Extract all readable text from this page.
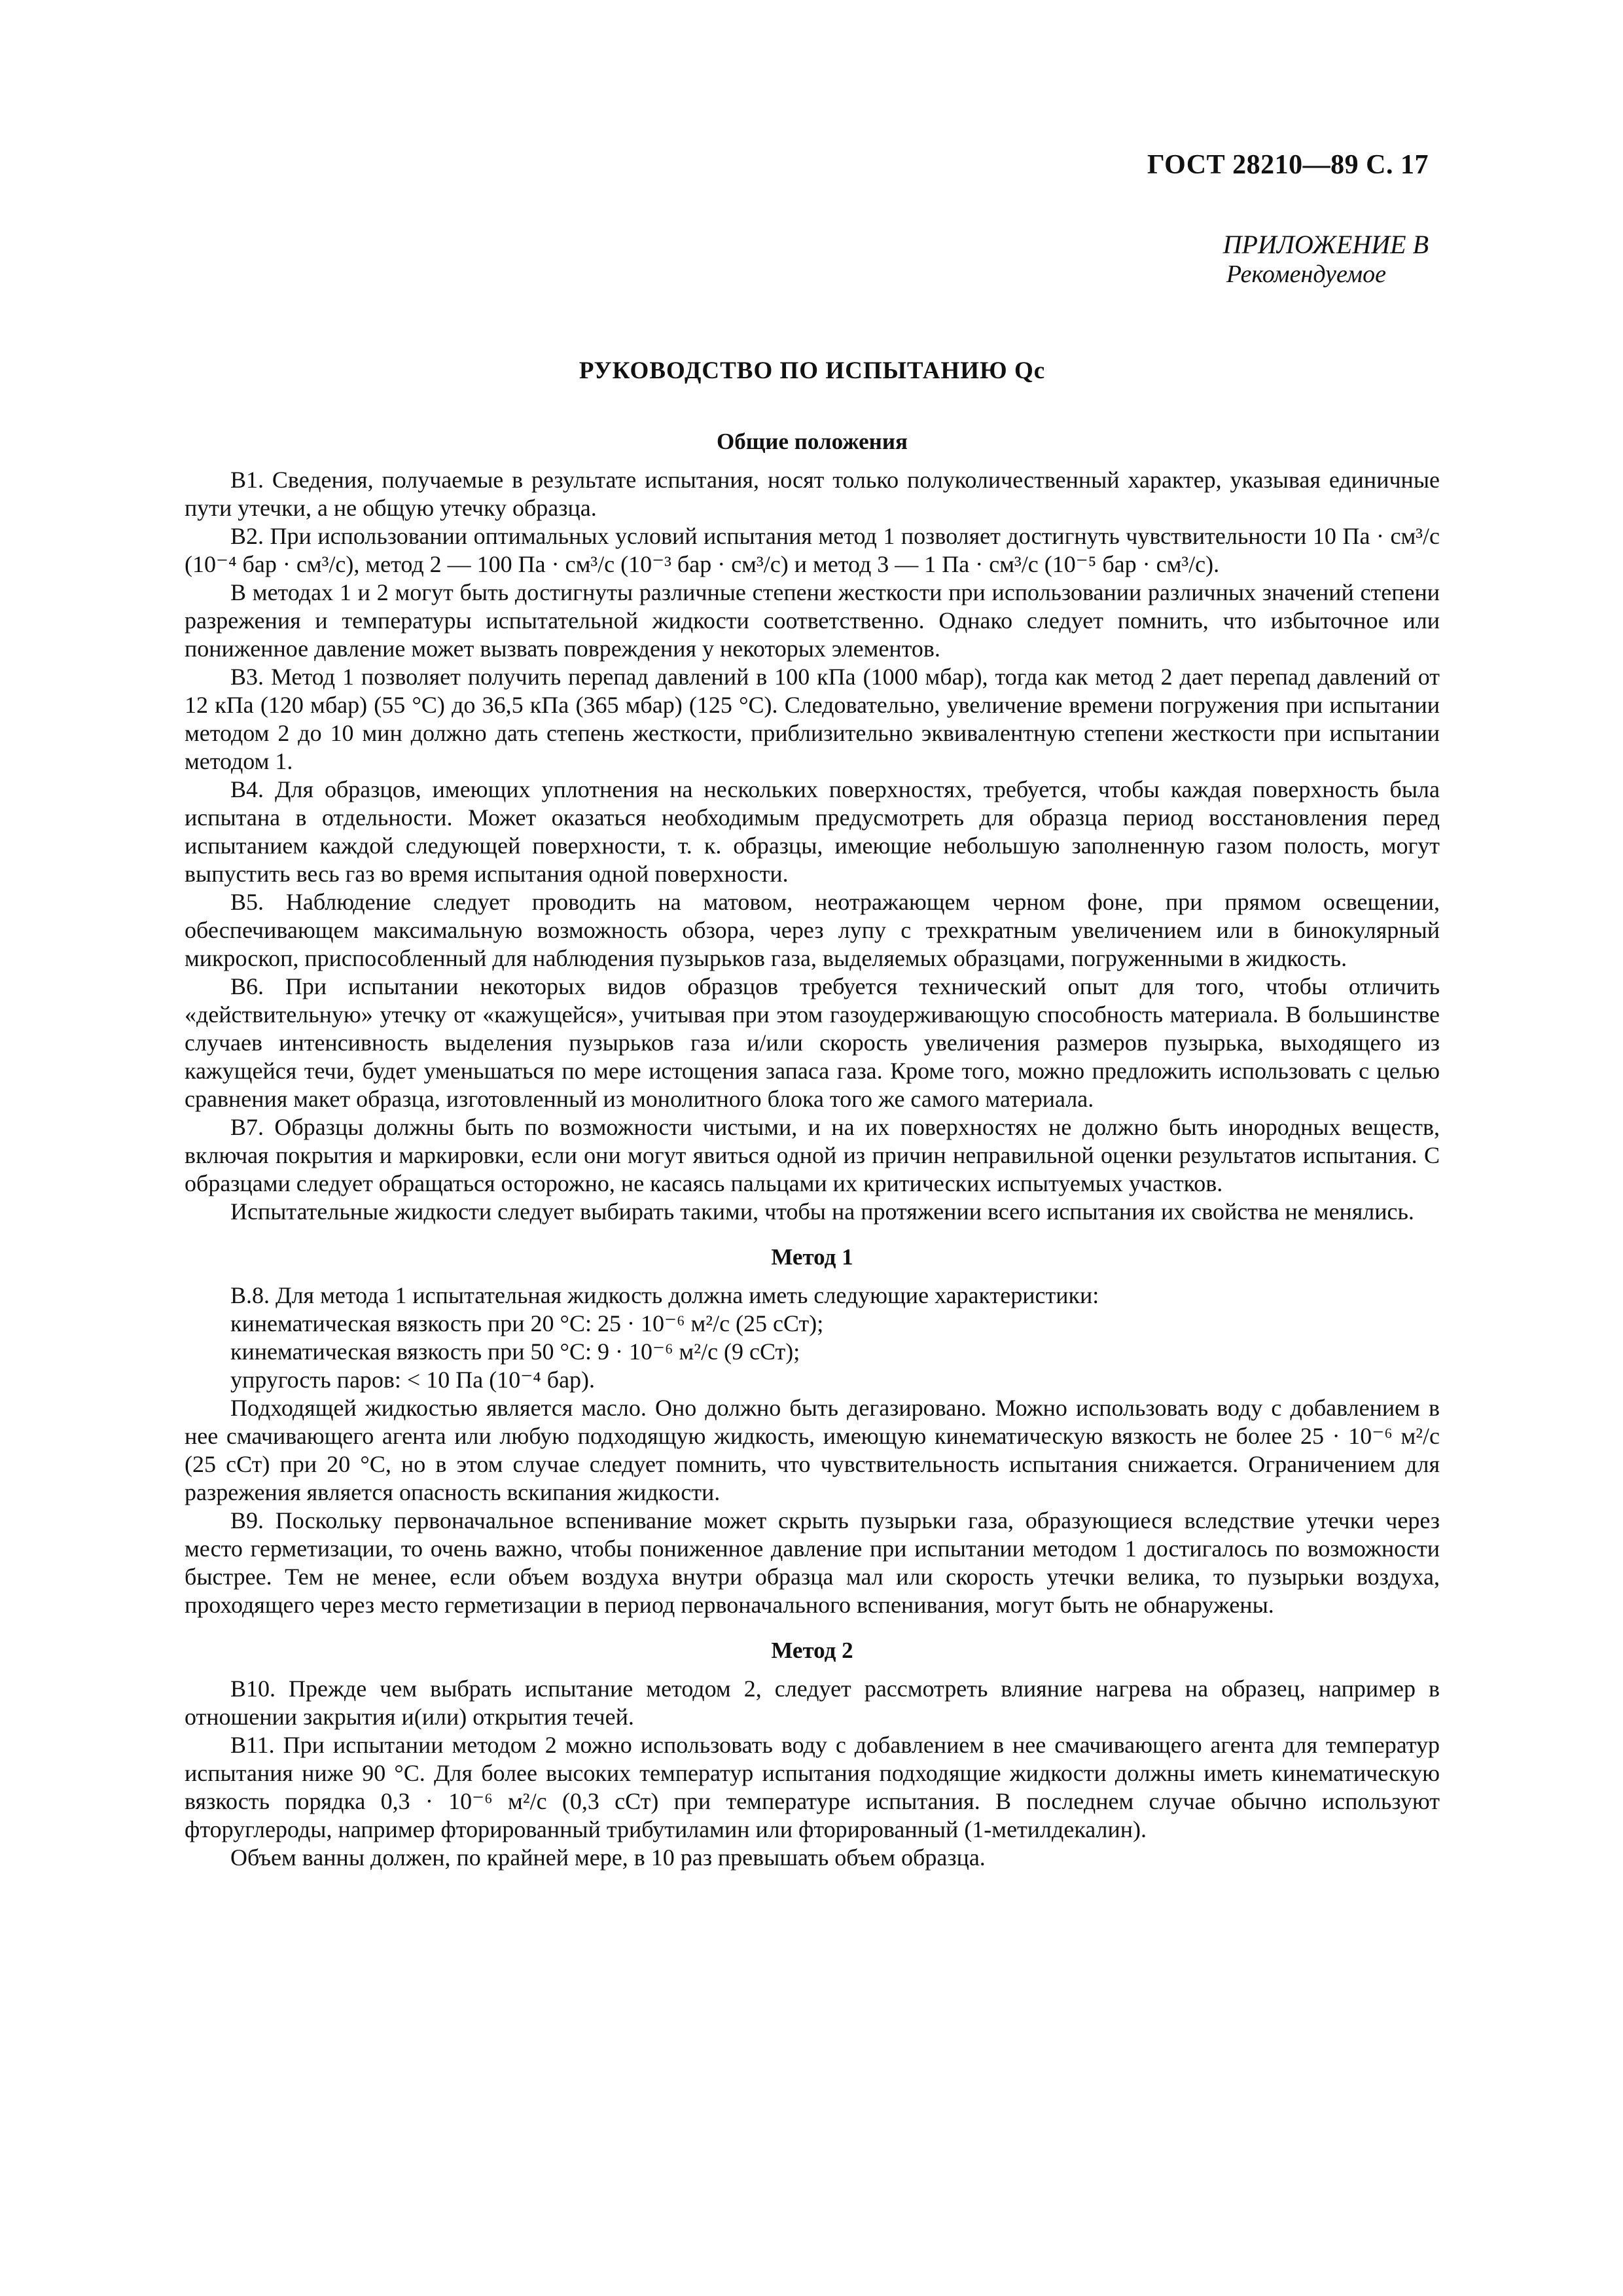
ГОСТ 28210—89 С. 17
ПРИЛОЖЕНИЕ В
Рекомендуемое
РУКОВОДСТВО ПО ИСПЫТАНИЮ Qc
Общие положения

В1. Сведения, получаемые в результате испытания, носят только полуколичественный характер, указывая единичные пути утечки, а не общую утечку образца.

В2. При использовании оптимальных условий испытания метод 1 позволяет достигнуть чувствительности 10 Па · см³/с (10⁻⁴ бар · см³/с), метод 2 — 100 Па · см³/с (10⁻³ бар · см³/с) и метод 3 — 1 Па · см³/с (10⁻⁵ бар · см³/с).

В методах 1 и 2 могут быть достигнуты различные степени жесткости при использовании различных значений степени разрежения и температуры испытательной жидкости соответственно. Однако следует помнить, что избыточное или пониженное давление может вызвать повреждения у некоторых элементов.

В3. Метод 1 позволяет получить перепад давлений в 100 кПа (1000 мбар), тогда как метод 2 дает перепад давлений от 12 кПа (120 мбар) (55 °С) до 36,5 кПа (365 мбар) (125 °С). Следовательно, увеличение времени погружения при испытании методом 2 до 10 мин должно дать степень жесткости, приблизительно эквивалентную степени жесткости при испытании методом 1.

В4. Для образцов, имеющих уплотнения на нескольких поверхностях, требуется, чтобы каждая поверхность была испытана в отдельности. Может оказаться необходимым предусмотреть для образца период восстановления перед испытанием каждой следующей поверхности, т. к. образцы, имеющие небольшую заполненную газом полость, могут выпустить весь газ во время испытания одной поверхности.

В5. Наблюдение следует проводить на матовом, неотражающем черном фоне, при прямом освещении, обеспечивающем максимальную возможность обзора, через лупу с трехкратным увеличением или в бинокулярный микроскоп, приспособленный для наблюдения пузырьков газа, выделяемых образцами, погруженными в жидкость.

В6. При испытании некоторых видов образцов требуется технический опыт для того, чтобы отличить «действительную» утечку от «кажущейся», учитывая при этом газоудерживающую способность материала. В большинстве случаев интенсивность выделения пузырьков газа и/или скорость увеличения размеров пузырька, выходящего из кажущейся течи, будет уменьшаться по мере истощения запаса газа. Кроме того, можно предложить использовать с целью сравнения макет образца, изготовленный из монолитного блока того же самого материала.

В7. Образцы должны быть по возможности чистыми, и на их поверхностях не должно быть инородных веществ, включая покрытия и маркировки, если они могут явиться одной из причин неправильной оценки результатов испытания. С образцами следует обращаться осторожно, не касаясь пальцами их критических испытуемых участков.

Испытательные жидкости следует выбирать такими, чтобы на протяжении всего испытания их свойства не менялись.

Метод 1

В.8. Для метода 1 испытательная жидкость должна иметь следующие характеристики:

кинематическая вязкость при 20 °С: 25 · 10⁻⁶ м²/с (25 сСт);

кинематическая вязкость при 50 °С: 9 · 10⁻⁶ м²/с (9 сСт);

упругость паров: < 10 Па (10⁻⁴ бар).

Подходящей жидкостью является масло. Оно должно быть дегазировано. Можно использовать воду с добавлением в нее смачивающего агента или любую подходящую жидкость, имеющую кинематическую вязкость не более 25 · 10⁻⁶ м²/с (25 сСт) при 20 °С, но в этом случае следует помнить, что чувствительность испытания снижается. Ограничением для разрежения является опасность вскипания жидкости.

В9. Поскольку первоначальное вспенивание может скрыть пузырьки газа, образующиеся вследствие утечки через место герметизации, то очень важно, чтобы пониженное давление при испытании методом 1 достигалось по возможности быстрее. Тем не менее, если объем воздуха внутри образца мал или скорость утечки велика, то пузырьки воздуха, проходящего через место герметизации в период первоначального вспенивания, могут быть не обнаружены.

Метод 2

В10. Прежде чем выбрать испытание методом 2, следует рассмотреть влияние нагрева на образец, например в отношении закрытия и(или) открытия течей.

В11. При испытании методом 2 можно использовать воду с добавлением в нее смачивающего агента для температур испытания ниже 90 °С. Для более высоких температур испытания подходящие жидкости должны иметь кинематическую вязкость порядка 0,3 · 10⁻⁶ м²/с (0,3 сСт) при температуре испытания. В последнем случае обычно используют фторуглероды, например фторированный трибутиламин или фторированный (1-метилдекалин).

Объем ванны должен, по крайней мере, в 10 раз превышать объем образца.
